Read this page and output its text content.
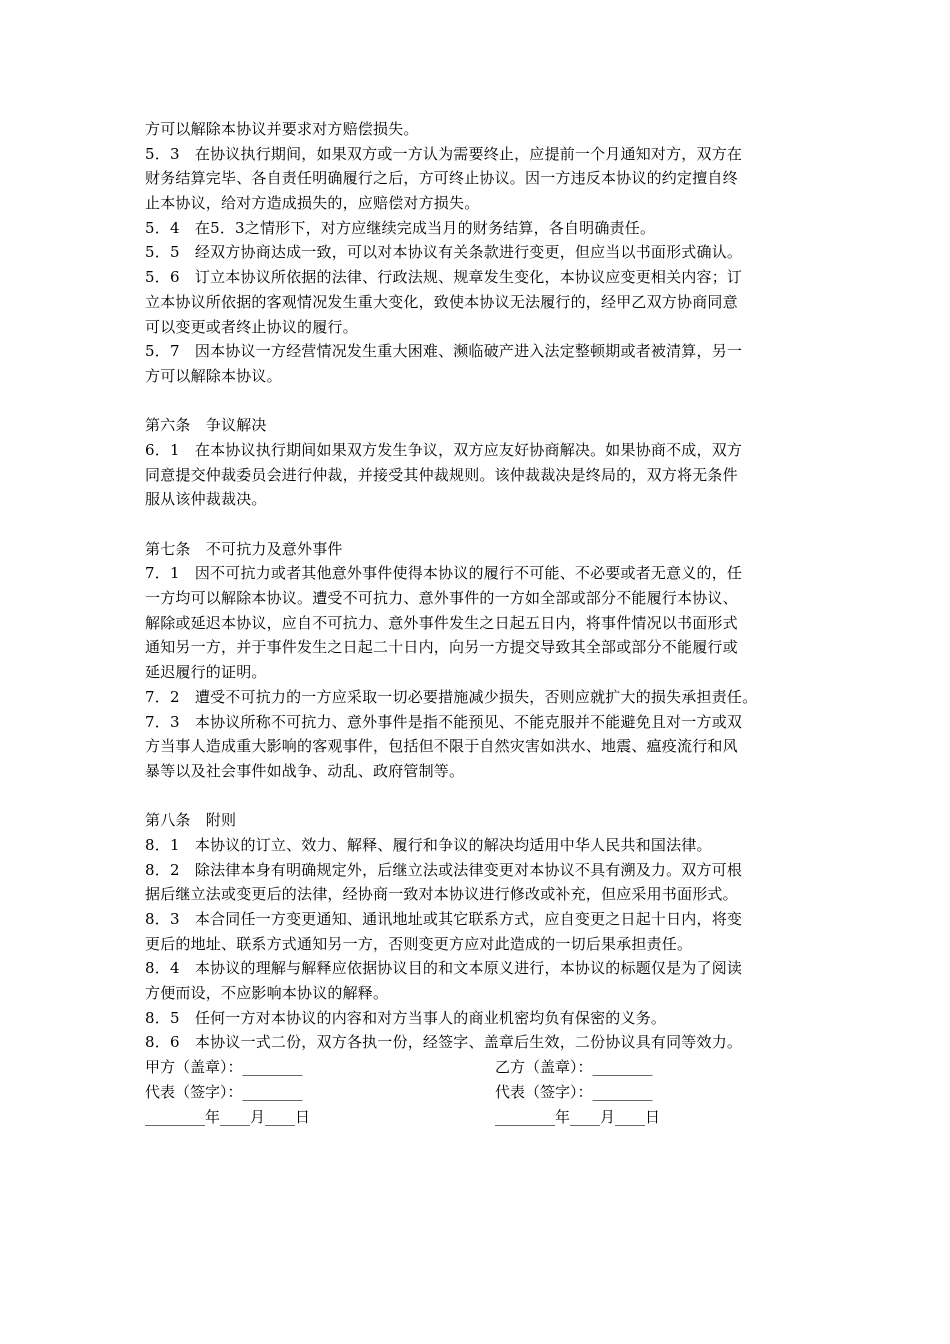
方可以解除本协议并要求对方赔偿损失。
5．3　在协议执行期间，如果双方或一方认为需要终止，应提前一个月通知对方，双方在
财务结算完毕、各自责任明确履行之后，方可终止协议。因一方违反本协议的约定擅自终
止本协议，给对方造成损失的，应赔偿对方损失。
5．4　在5．3之情形下，对方应继续完成当月的财务结算，各自明确责任。
5．5　经双方协商达成一致，可以对本协议有关条款进行变更，但应当以书面形式确认。
5．6　订立本协议所依据的法律、行政法规、规章发生变化，本协议应变更相关内容；订
立本协议所依据的客观情况发生重大变化，致使本协议无法履行的，经甲乙双方协商同意
可以变更或者终止协议的履行。
5．7　因本协议一方经营情况发生重大困难、濒临破产进入法定整顿期或者被清算，另一
方可以解除本协议。
第六条　争议解决
6．1　在本协议执行期间如果双方发生争议，双方应友好协商解决。如果协商不成，双方
同意提交仲裁委员会进行仲裁，并接受其仲裁规则。该仲裁裁决是终局的，双方将无条件
服从该仲裁裁决。
第七条　不可抗力及意外事件
7．1　因不可抗力或者其他意外事件使得本协议的履行不可能、不必要或者无意义的，任
一方均可以解除本协议。遭受不可抗力、意外事件的一方如全部或部分不能履行本协议、
解除或延迟本协议，应自不可抗力、意外事件发生之日起五日内，将事件情况以书面形式
通知另一方，并于事件发生之日起二十日内，向另一方提交导致其全部或部分不能履行或
延迟履行的证明。
7．2　遭受不可抗力的一方应采取一切必要措施减少损失，否则应就扩大的损失承担责任。
7．3　本协议所称不可抗力、意外事件是指不能预见、不能克服并不能避免且对一方或双
方当事人造成重大影响的客观事件，包括但不限于自然灾害如洪水、地震、瘟疫流行和风
暴等以及社会事件如战争、动乱、政府管制等。
第八条　附则
8．1　本协议的订立、效力、解释、履行和争议的解决均适用中华人民共和国法律。
8．2　除法律本身有明确规定外，后继立法或法律变更对本协议不具有溯及力。双方可根
据后继立法或变更后的法律，经协商一致对本协议进行修改或补充，但应采用书面形式。
8．3　本合同任一方变更通知、通讯地址或其它联系方式，应自变更之日起十日内，将变
更后的地址、联系方式通知另一方，否则变更方应对此造成的一切后果承担责任。
8．4　本协议的理解与解释应依据协议目的和文本原义进行，本协议的标题仅是为了阅读
方便而设，不应影响本协议的解释。
8．5　任何一方对本协议的内容和对方当事人的商业机密均负有保密的义务。
8．6　本协议一式二份，双方各执一份，经签字、盖章后生效，二份协议具有同等效力。
甲方（盖章）：________	乙方（盖章）：________
代表（签字）：________	代表（签字）：________
________年____月____日	________年____月____日
